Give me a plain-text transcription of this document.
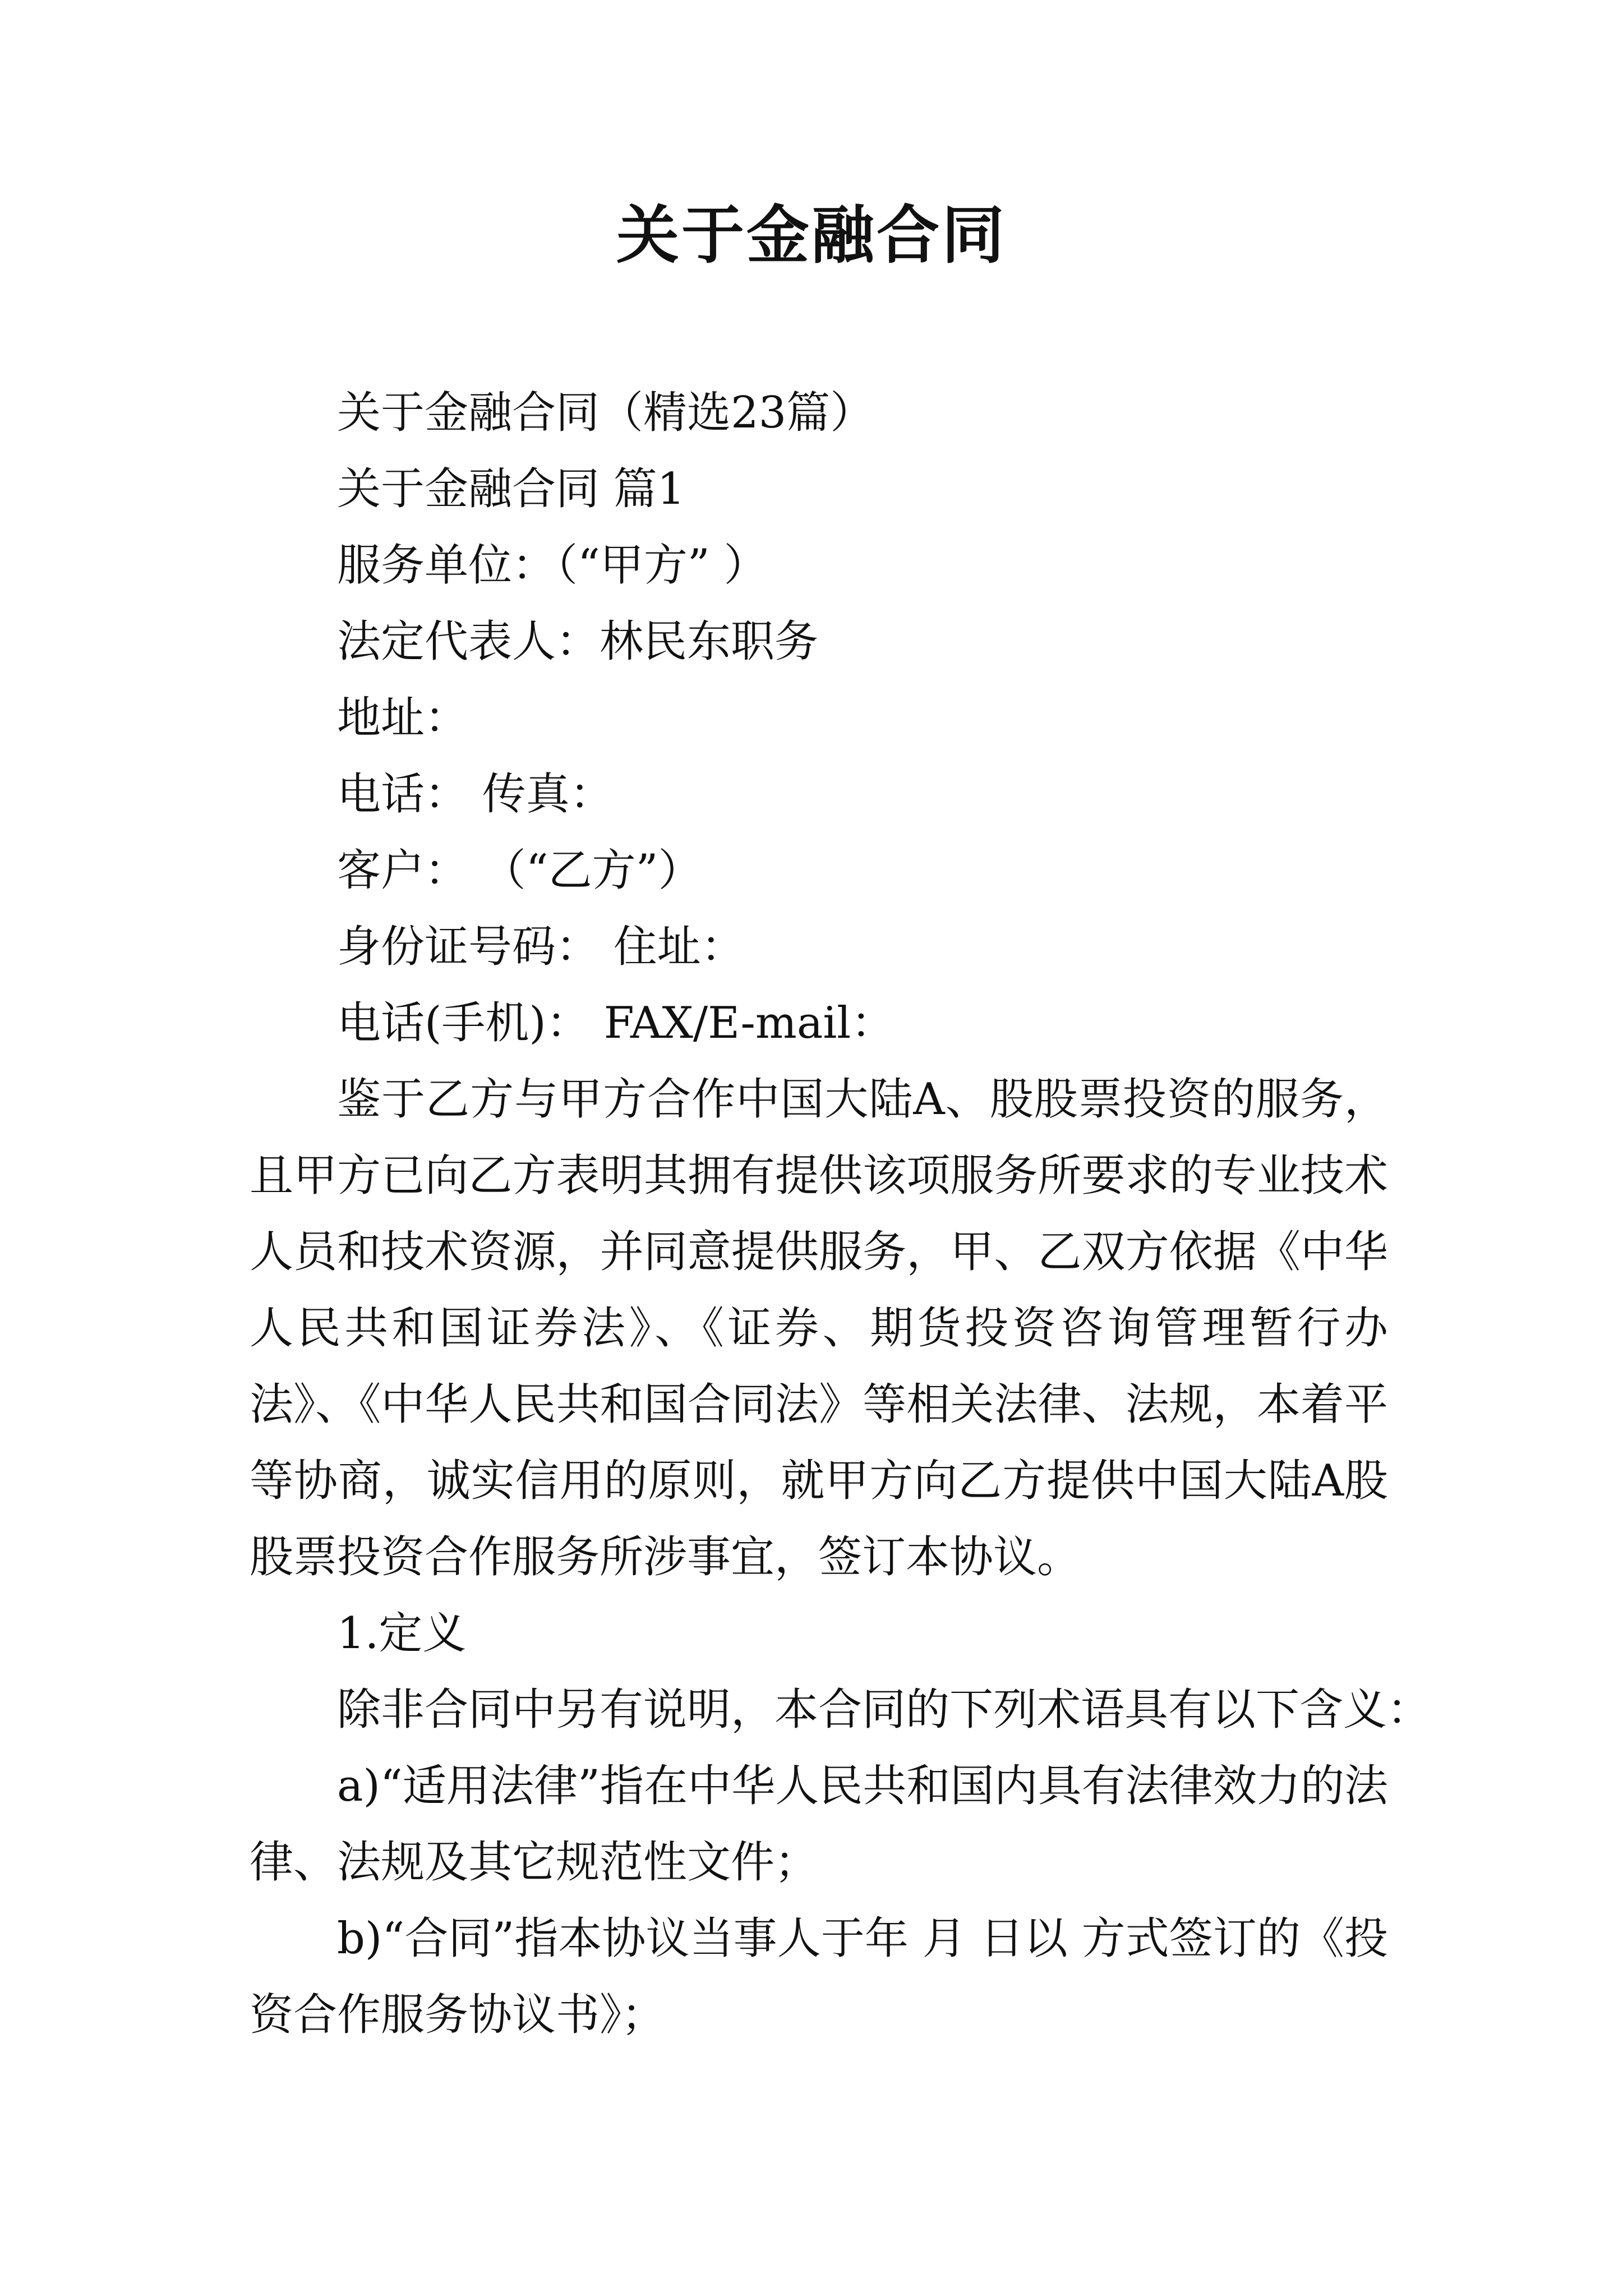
关于金融合同
关于金融合同（精选23篇）
关于金融合同 篇1
服务单位：（“甲方” ）
法定代表人：林民东职务
地址：
电话： 传真：
客户： （“乙方”）
身份证号码： 住址：
电话(手机)： FAX/E-mail：

鉴于乙方与甲方合作中国大陆A、股股票投资的服务，且甲方已向乙方表明其拥有提供该项服务所要求的专业技术人员和技术资源，并同意提供服务，甲、乙双方依据《中华人民共和国证券法》、《证券、期货投资咨询管理暂行办法》、《中华人民共和国合同法》等相关法律、法规，本着平等协商，诚实信用的原则，就甲方向乙方提供中国大陆A股股票投资合作服务所涉事宜，签订本协议。

1.定义
除非合同中另有说明，本合同的下列术语具有以下含义：

a)“适用法律”指在中华人民共和国内具有法律效力的法律、法规及其它规范性文件；

b)“合同”指本协议当事人于年 月 日以 方式签订的《投资合作服务协议书》；
